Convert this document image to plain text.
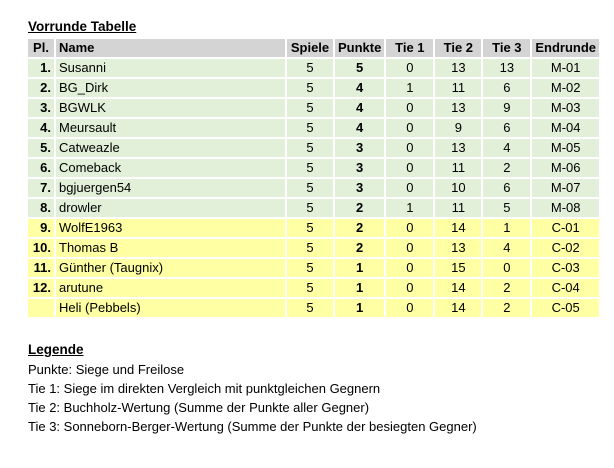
Vorrunde Tabelle
Pl.	Name	Spiele	Punkte	Tie 1	Tie 2	Tie 3	Endrunde
1.	Susanni	5	5	0	13	13	M-01
2.	BG_Dirk	5	4	1	11	6	M-02
3.	BGWLK	5	4	0	13	9	M-03
4.	Meursault	5	4	0	9	6	M-04
5.	Catweazle	5	3	0	13	4	M-05
6.	Comeback	5	3	0	11	2	M-06
7.	bgjuergen54	5	3	0	10	6	M-07
8.	drowler	5	2	1	11	5	M-08
9.	WolfE1963	5	2	0	14	1	C-01
10.	Thomas B	5	2	0	13	4	C-02
11.	Günther (Taugnix)	5	1	0	15	0	C-03
12.	arutune	5	1	0	14	2	C-04
	Heli (Pebbels)	5	1	0	14	2	C-05
Legende
Punkte: Siege und Freilose
Tie 1: Siege im direkten Vergleich mit punktgleichen Gegnern
Tie 2: Buchholz-Wertung (Summe der Punkte aller Gegner)
Tie 3: Sonneborn-Berger-Wertung (Summe der Punkte der besiegten Gegner)
